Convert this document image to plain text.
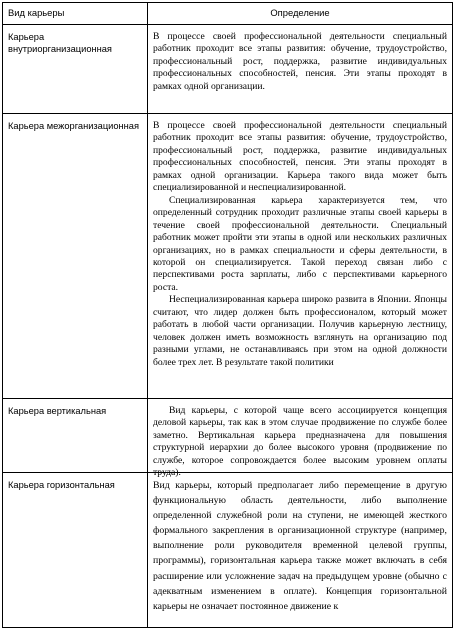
Вид карьеры	Определение

Карьера внутриорганизационная	В процессе своей профессиональной деятельности специальный работник проходит все этапы развития: обучение, трудоустройство, профессиональный рост, поддержка, развитие индивидуальных профессиональных способностей, пенсия. Эти этапы проходят в рамках одной организации.

Карьера межорганизационная	В процессе своей профессиональной деятельности специальный работник проходит все этапы развития: обучение, трудоустройство, профессиональный рост, поддержка, развитие индивидуальных профессиональных способностей, пенсия. Эти этапы проходят в рамках одной организации. Карьера такого вида может быть специализированной и неспециализированной.

Специализированная карьера характеризуется тем, что определенный сотрудник проходит различные этапы своей карьеры в течение своей профессиональной деятельности. Специальный работник может пройти эти этапы в одной или нескольких различных организациях, но в рамках специальности и сферы деятельности, в которой он специализируется. Такой переход связан либо с перспективами роста зарплаты, либо с перспективами карьерного роста.

Неспециализированная карьера широко развита в Японии. Японцы считают, что лидер должен быть профессионалом, который может работать в любой части организации. Получив карьерную лестницу, человек должен иметь возможность взглянуть на организацию под разными углами, не останавливаясь при этом на одной должности более трех лет. В результате такой политики

Карьера вертикальная	Вид карьеры, с которой чаще всего ассоциируется концепция деловой карьеры, так как в этом случае продвижение по службе более заметно. Вертикальная карьера предназначена для повышения структурной иерархии до более высокого уровня (продвижение по службе, которое сопровождается более высоким уровнем оплаты труда).

Карьера горизонтальная	Вид карьеры, который предполагает либо перемещение в другую функциональную область деятельности, либо выполнение определенной служебной роли на ступени, не имеющей жесткого формального закрепления в организационной структуре (например, выполнение роли руководителя временной целевой группы, программы), горизонтальная карьера также может включать в себя расширение или усложнение задач на предыдущем уровне (обычно с адекватным изменением в оплате). Концепция горизонтальной карьеры не означает постоянное движение к
